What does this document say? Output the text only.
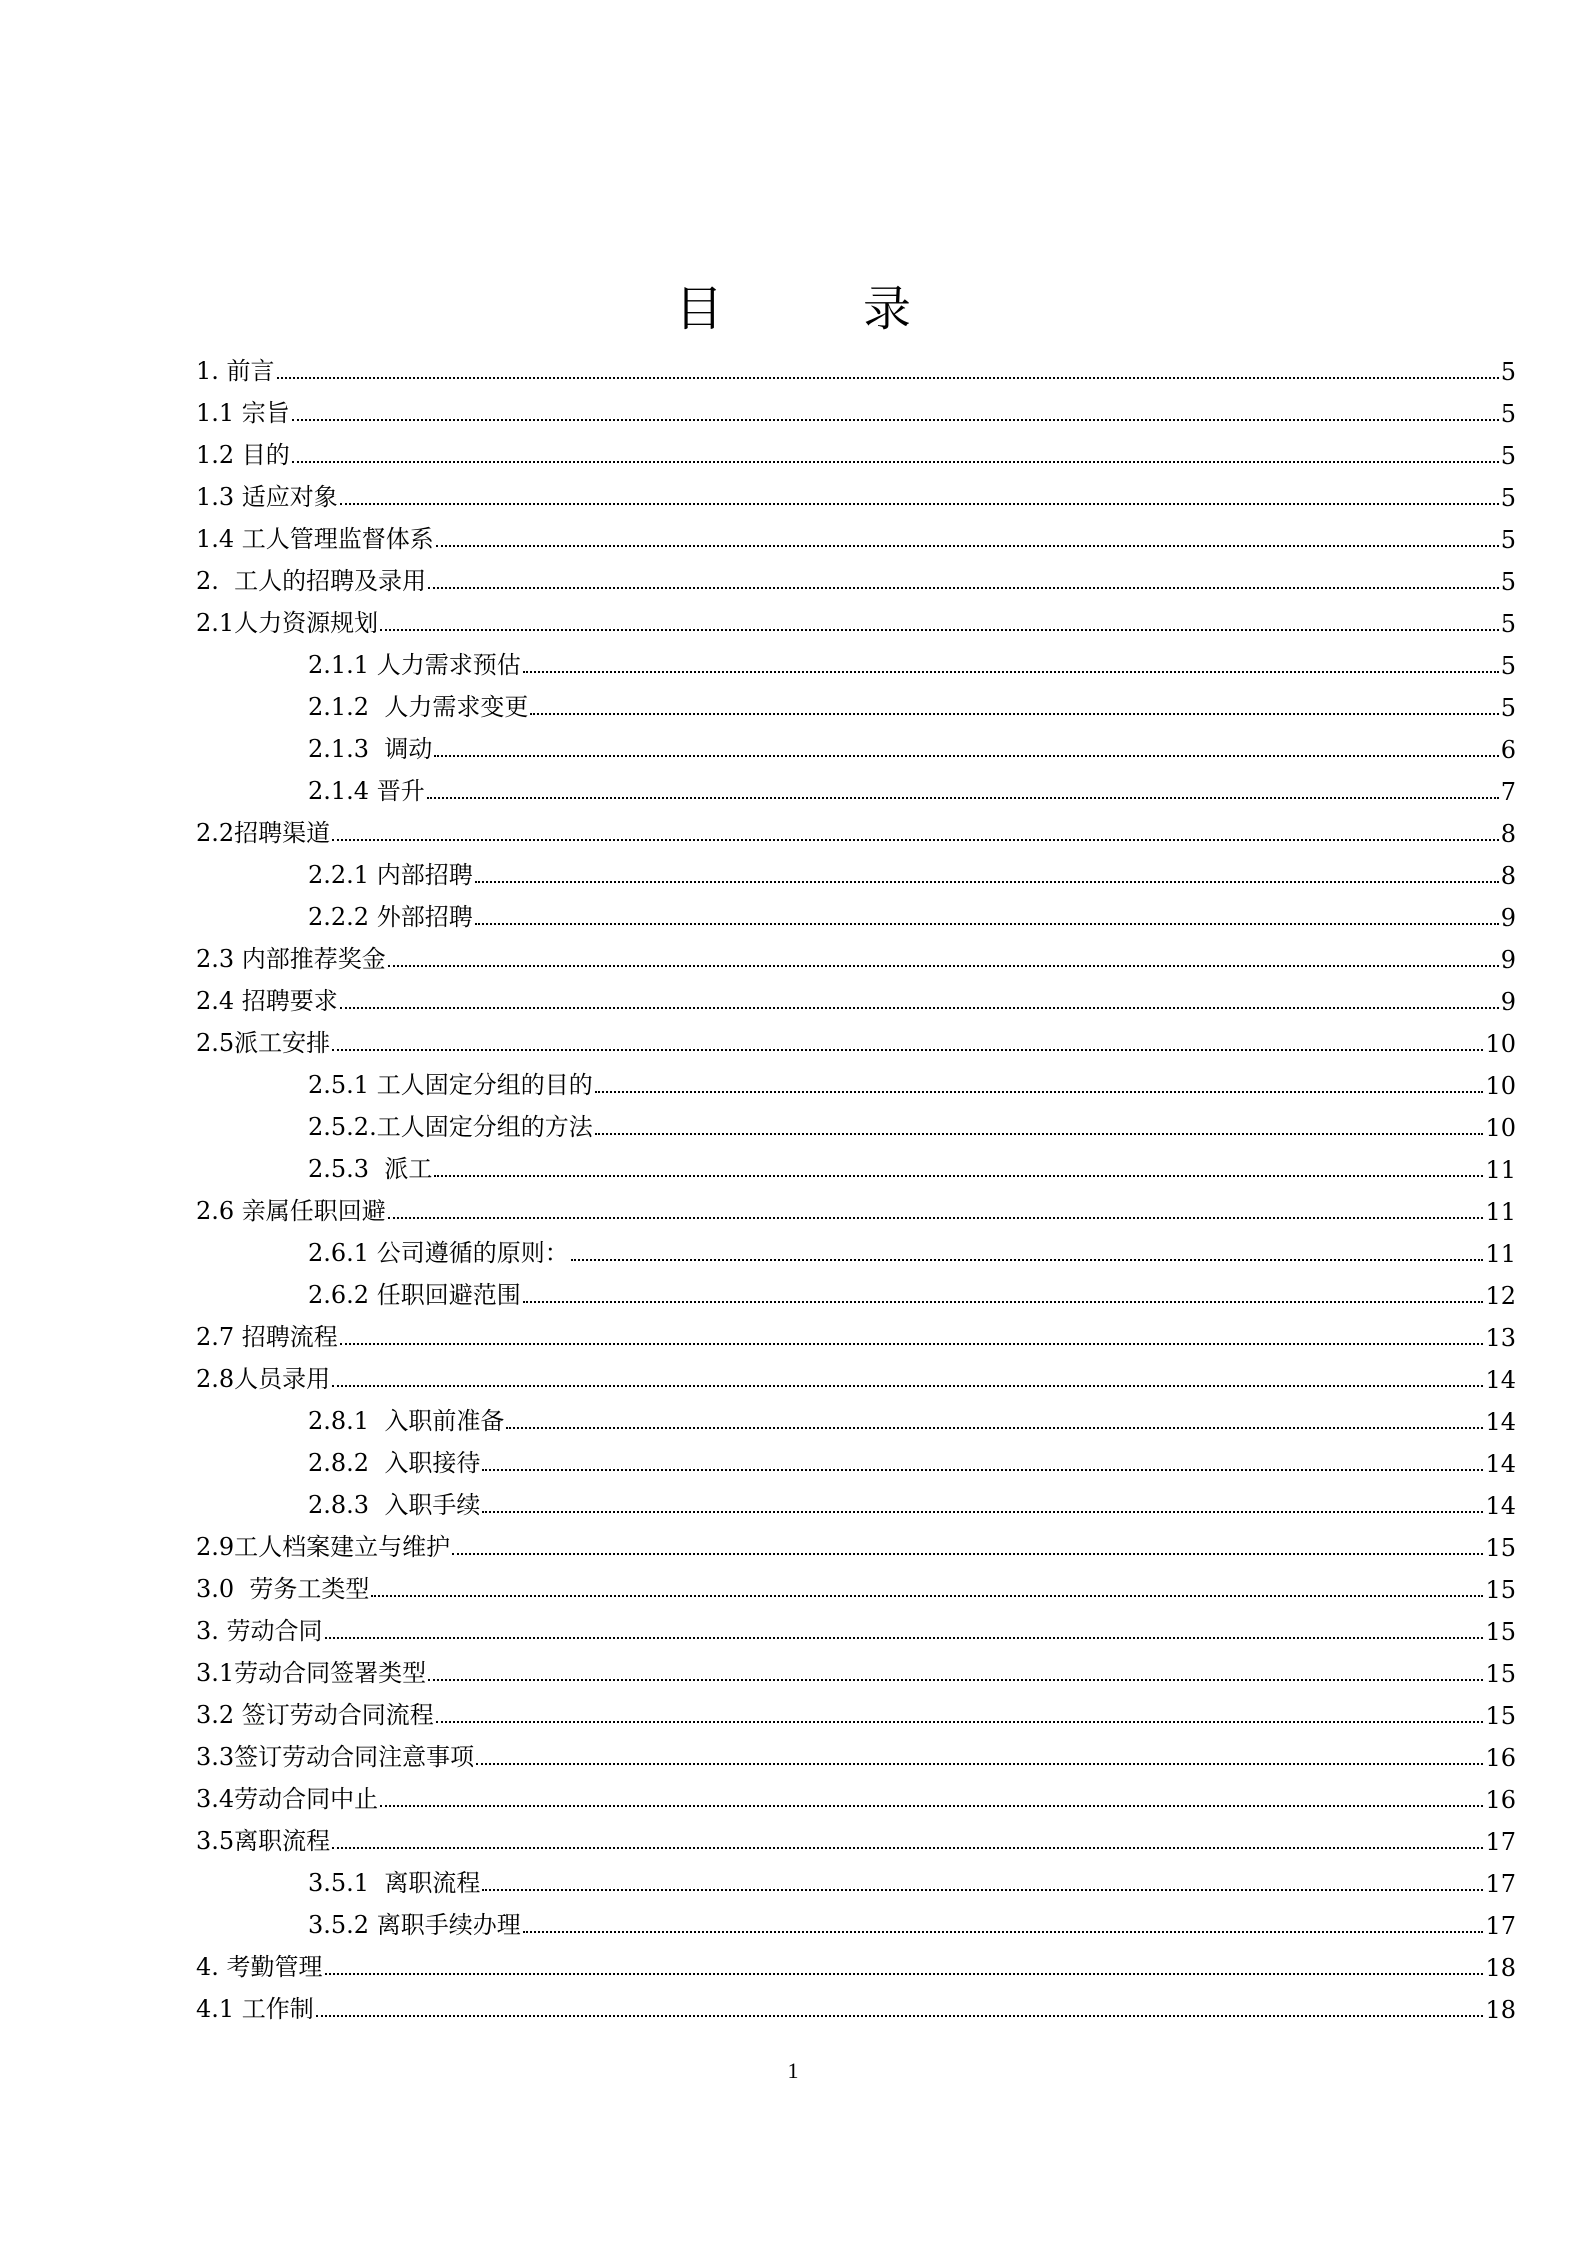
目	录
1. 前言	5
1.1 宗旨	5
1.2 目的	5
1.3 适应对象	5
1.4 工人管理监督体系	5
2.  工人的招聘及录用	5
2.1人力资源规划	5
2.1.1 人力需求预估	5
2.1.2  人力需求变更	5
2.1.3  调动	6
2.1.4 晋升	7
2.2招聘渠道	8
2.2.1 内部招聘	8
2.2.2 外部招聘	9
2.3 内部推荐奖金	9
2.4 招聘要求	9
2.5派工安排	10
2.5.1 工人固定分组的目的	10
2.5.2.工人固定分组的方法	10
2.5.3  派工	11
2.6 亲属任职回避	11
2.6.1 公司遵循的原则：	11
2.6.2 任职回避范围	12
2.7 招聘流程	13
2.8人员录用	14
2.8.1  入职前准备	14
2.8.2  入职接待	14
2.8.3  入职手续	14
2.9工人档案建立与维护	15
3.0  劳务工类型	15
3. 劳动合同	15
3.1劳动合同签署类型	15
3.2 签订劳动合同流程	15
3.3签订劳动合同注意事项	16
3.4劳动合同中止	16
3.5离职流程	17
3.5.1  离职流程	17
3.5.2 离职手续办理	17
4. 考勤管理	18
4.1 工作制	18
1
